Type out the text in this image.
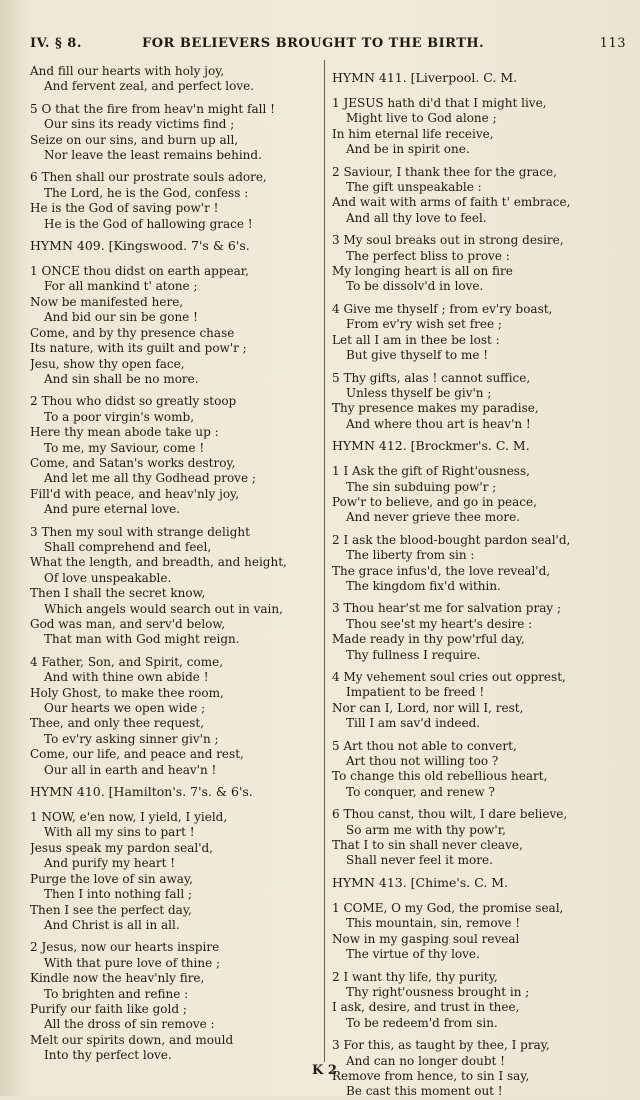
IV. § 8.	FOR BELIEVERS BROUGHT TO THE BIRTH.	113
And fill our hearts with holy joy,
And fervent zeal, and perfect love.
5 O that the fire from heav'n might fall !
Our sins its ready victims find ;
Seize on our sins, and burn up all,
Nor leave the least remains behind.
6 Then shall our prostrate souls adore,
The Lord, he is the God, confess :
He is the God of saving pow'r !
He is the God of hallowing grace !
HYMN 409. [Kingswood. 7's & 6's.
1 ONCE thou didst on earth appear,
For all mankind t' atone ;
Now be manifested here,
And bid our sin be gone !
Come, and by thy presence chase
Its nature, with its guilt and pow'r ;
Jesu, show thy open face,
And sin shall be no more.
2 Thou who didst so greatly stoop
To a poor virgin's womb,
Here thy mean abode take up :
To me, my Saviour, come !
Come, and Satan's works destroy,
And let me all thy Godhead prove ;
Fill'd with peace, and heav'nly joy,
And pure eternal love.
3 Then my soul with strange delight
Shall comprehend and feel,
What the length, and breadth, and height,
Of love unspeakable.
Then I shall the secret know,
Which angels would search out in vain,
God was man, and serv'd below,
That man with God might reign.
4 Father, Son, and Spirit, come,
And with thine own abide !
Holy Ghost, to make thee room,
Our hearts we open wide ;
Thee, and only thee request,
To ev'ry asking sinner giv'n ;
Come, our life, and peace and rest,
Our all in earth and heav'n !
HYMN 410. [Hamilton's. 7's. & 6's.
1 NOW, e'en now, I yield, I yield,
With all my sins to part !
Jesus speak my pardon seal'd,
And purify my heart !
Purge the love of sin away,
Then I into nothing fall ;
Then I see the perfect day,
And Christ is all in all.
2 Jesus, now our hearts inspire
With that pure love of thine ;
Kindle now the heav'nly fire,
To brighten and refine :
Purify our faith like gold ;
All the dross of sin remove :
Melt our spirits down, and mould
Into thy perfect love.
HYMN 411. [Liverpool. C. M.
1 JESUS hath di'd that I might live,
Might live to God alone ;
In him eternal life receive,
And be in spirit one.
2 Saviour, I thank thee for the grace,
The gift unspeakable :
And wait with arms of faith t' embrace,
And all thy love to feel.
3 My soul breaks out in strong desire,
The perfect bliss to prove :
My longing heart is all on fire
To be dissolv'd in love.
4 Give me thyself ; from ev'ry boast,
From ev'ry wish set free ;
Let all I am in thee be lost :
But give thyself to me !
5 Thy gifts, alas ! cannot suffice,
Unless thyself be giv'n ;
Thy presence makes my paradise,
And where thou art is heav'n !
HYMN 412. [Brockmer's. C. M.
1 I Ask the gift of Right'ousness,
The sin subduing pow'r ;
Pow'r to believe, and go in peace,
And never grieve thee more.
2 I ask the blood-bought pardon seal'd,
The liberty from sin :
The grace infus'd, the love reveal'd,
The kingdom fix'd within.
3 Thou hear'st me for salvation pray ;
Thou see'st my heart's desire :
Made ready in thy pow'rful day,
Thy fullness I require.
4 My vehement soul cries out opprest,
Impatient to be freed !
Nor can I, Lord, nor will I, rest,
Till I am sav'd indeed.
5 Art thou not able to convert,
Art thou not willing too ?
To change this old rebellious heart,
To conquer, and renew ?
6 Thou canst, thou wilt, I dare believe,
So arm me with thy pow'r,
That I to sin shall never cleave,
Shall never feel it more.
HYMN 413. [Chime's. C. M.
1 COME, O my God, the promise seal,
This mountain, sin, remove !
Now in my gasping soul reveal
The virtue of thy love.
2 I want thy life, thy purity,
Thy right'ousness brought in ;
I ask, desire, and trust in thee,
To be redeem'd from sin.
3 For this, as taught by thee, I pray,
And can no longer doubt !
Remove from hence, to sin I say,
Be cast this moment out !
K 2
